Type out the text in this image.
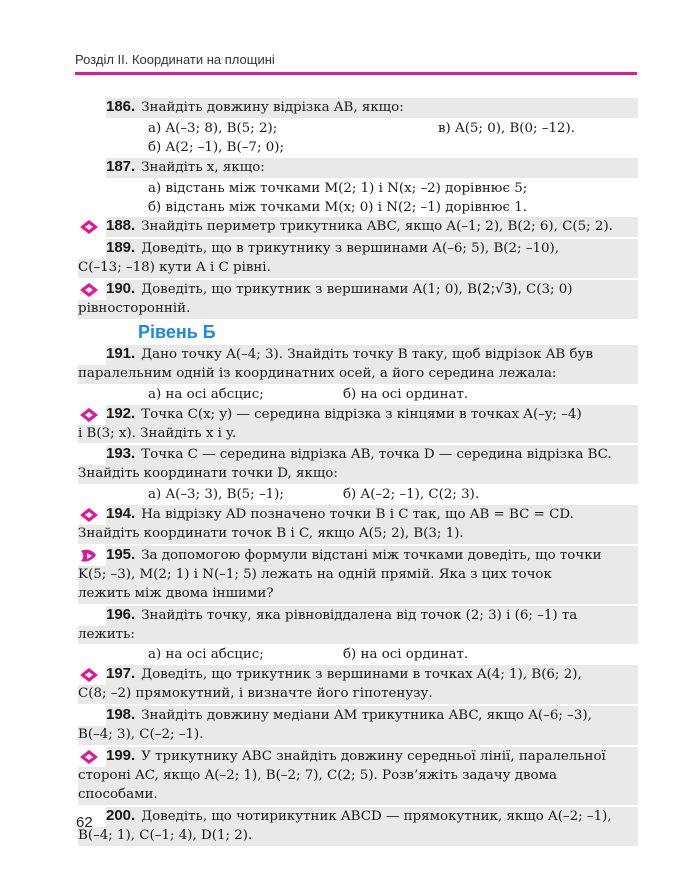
Розділ ІІ. Координати на площині
186. Знайдіть довжину відрізка AB, якщо:
а) A(–3; 8), B(5; 2);	в) A(5; 0), B(0; –12).
б) A(2; –1), B(–7; 0);
187. Знайдіть x, якщо:
а) відстань між точками M(2; 1) і N(x; –2) дорівнює 5;
б) відстань між точками M(x; 0) і N(2; –1) дорівнює 1.
188. Знайдіть периметр трикутника ABC, якщо A(–1; 2), B(2; 6), C(5; 2).
189. Доведіть, що в трикутнику з вершинами A(–6; 5), B(2; –10),
C(–13; –18) кути A і C рівні.
190. Доведіть, що трикутник з вершинами A(1; 0), B(2;√3), C(3; 0)
рівносторонній.
Рівень Б
191. Дано точку A(–4; 3). Знайдіть точку B таку, щоб відрізок AB був
паралельним одній із координатних осей, а його середина лежала:
а) на осі абсцис;	б) на осі ординат.
192. Точка C(x; y) — середина відрізка з кінцями в точках A(–y; –4)
і B(3; x). Знайдіть x і y.
193. Точка C — середина відрізка AB, точка D — середина відрізка BC.
Знайдіть координати точки D, якщо:
а) A(–3; 3), B(5; –1);	б) A(–2; –1), C(2; 3).
194. На відрізку AD позначено точки B і C так, що AB = BC = CD.
Знайдіть координати точок B і C, якщо A(5; 2), B(3; 1).
195. За допомогою формули відстані між точками доведіть, що точки
K(5; –3), M(2; 1) і N(–1; 5) лежать на одній прямій. Яка з цих точок
лежить між двома іншими?
196. Знайдіть точку, яка рівновіддалена від точок (2; 3) і (6; –1) та
лежить:
а) на осі абсцис;	б) на осі ординат.
197. Доведіть, що трикутник з вершинами в точках A(4; 1), B(6; 2),
C(8; –2) прямокутний, і визначте його гіпотенузу.
198. Знайдіть довжину медіани AM трикутника ABC, якщо A(–6; –3),
B(–4; 3), C(–2; –1).
199. У трикутнику ABC знайдіть довжину середньої лінії, паралельної
стороні AC, якщо A(–2; 1), B(–2; 7), C(2; 5). Розв’яжіть задачу двома
способами.
200. Доведіть, що чотирикутник ABCD — прямокутник, якщо A(–2; –1),
B(–4; 1), C(–1; 4), D(1; 2).
62
